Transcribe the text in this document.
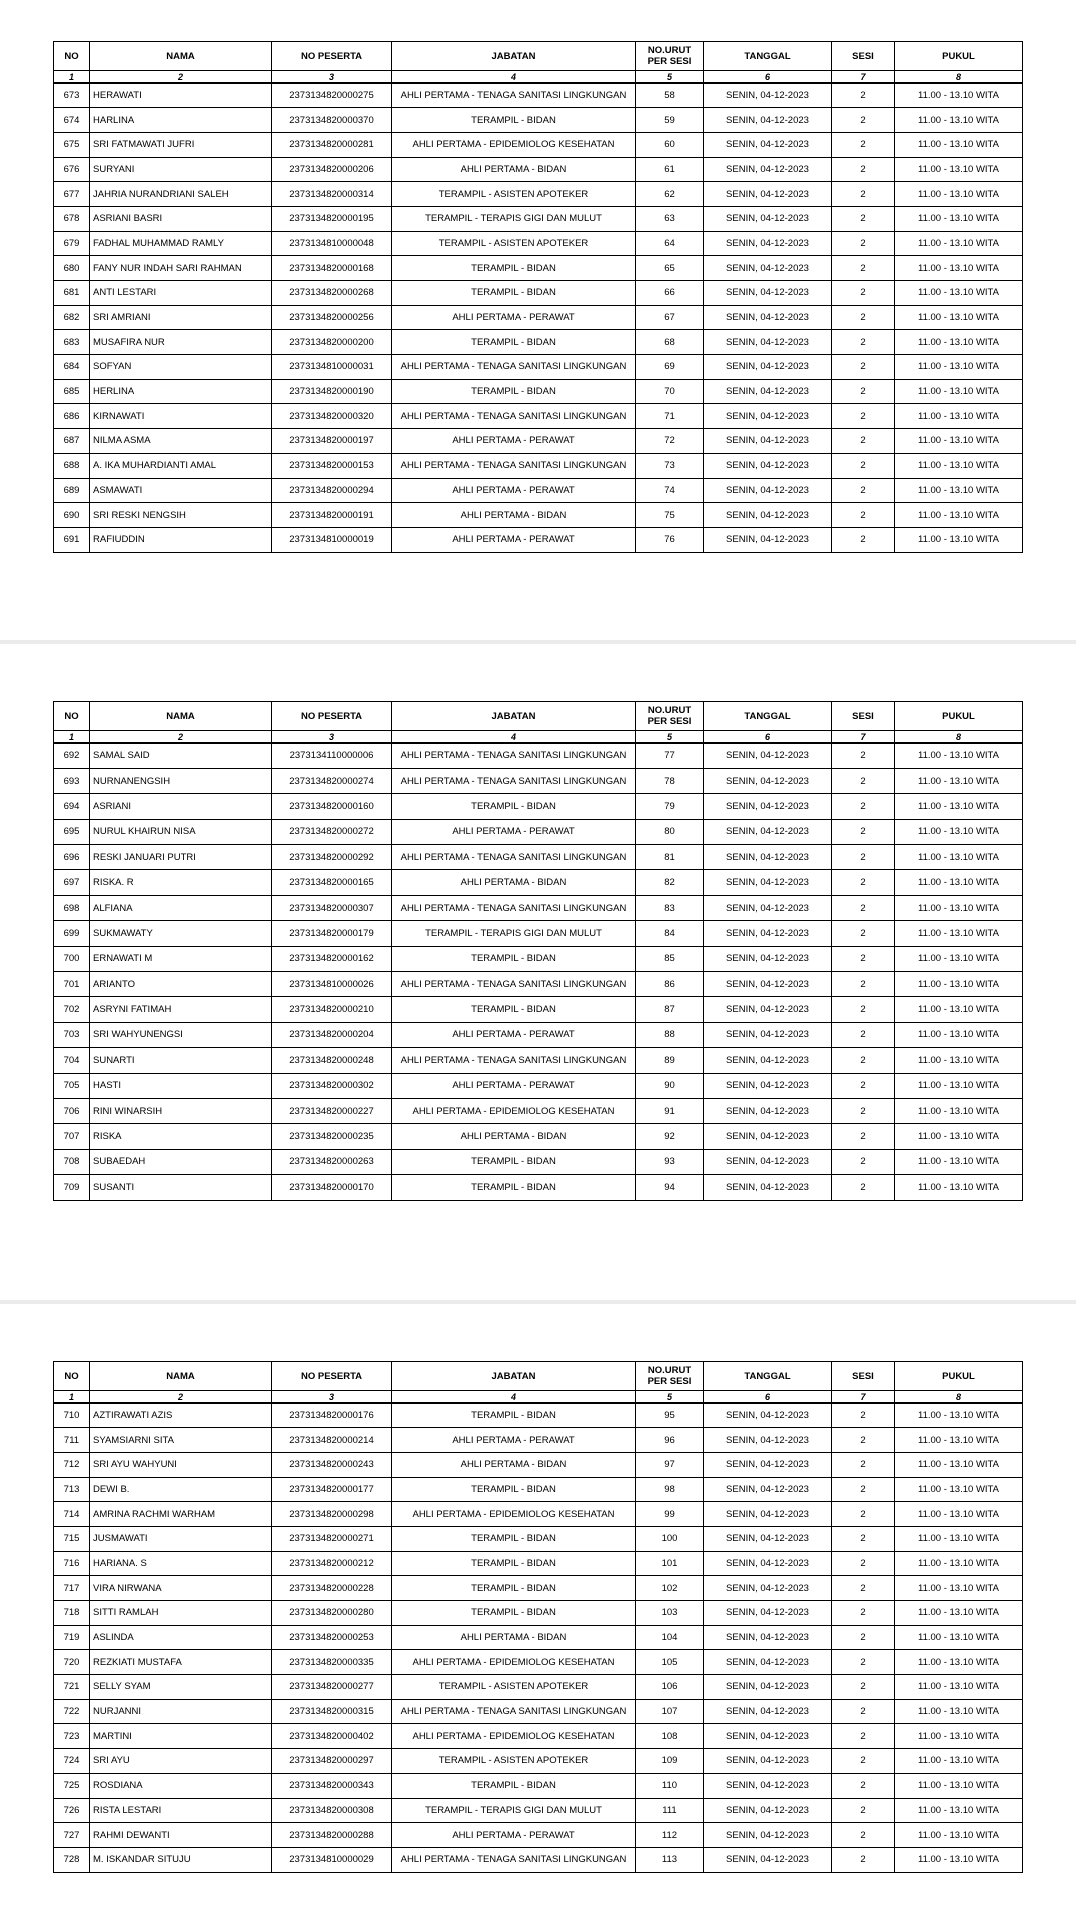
NO	NAMA	NO PESERTA	JABATAN	NO.URUT
PER SESI	TANGGAL	SESI	PUKUL
1	2	3	4	5	6	7	8
673	HERAWATI	2373134820000275	AHLI PERTAMA - TENAGA SANITASI LINGKUNGAN	58	SENIN, 04-12-2023	2	11.00 - 13.10 WITA
674	HARLINA	2373134820000370	TERAMPIL - BIDAN	59	SENIN, 04-12-2023	2	11.00 - 13.10 WITA
675	SRI FATMAWATI JUFRI	2373134820000281	AHLI PERTAMA - EPIDEMIOLOG KESEHATAN	60	SENIN, 04-12-2023	2	11.00 - 13.10 WITA
676	SURYANI	2373134820000206	AHLI PERTAMA - BIDAN	61	SENIN, 04-12-2023	2	11.00 - 13.10 WITA
677	JAHRIA NURANDRIANI SALEH	2373134820000314	TERAMPIL - ASISTEN APOTEKER	62	SENIN, 04-12-2023	2	11.00 - 13.10 WITA
678	ASRIANI BASRI	2373134820000195	TERAMPIL - TERAPIS GIGI DAN MULUT	63	SENIN, 04-12-2023	2	11.00 - 13.10 WITA
679	FADHAL MUHAMMAD RAMLY	2373134810000048	TERAMPIL - ASISTEN APOTEKER	64	SENIN, 04-12-2023	2	11.00 - 13.10 WITA
680	FANY NUR INDAH SARI RAHMAN	2373134820000168	TERAMPIL - BIDAN	65	SENIN, 04-12-2023	2	11.00 - 13.10 WITA
681	ANTI LESTARI	2373134820000268	TERAMPIL - BIDAN	66	SENIN, 04-12-2023	2	11.00 - 13.10 WITA
682	SRI AMRIANI	2373134820000256	AHLI PERTAMA - PERAWAT	67	SENIN, 04-12-2023	2	11.00 - 13.10 WITA
683	MUSAFIRA NUR	2373134820000200	TERAMPIL - BIDAN	68	SENIN, 04-12-2023	2	11.00 - 13.10 WITA
684	SOFYAN	2373134810000031	AHLI PERTAMA - TENAGA SANITASI LINGKUNGAN	69	SENIN, 04-12-2023	2	11.00 - 13.10 WITA
685	HERLINA	2373134820000190	TERAMPIL - BIDAN	70	SENIN, 04-12-2023	2	11.00 - 13.10 WITA
686	KIRNAWATI	2373134820000320	AHLI PERTAMA - TENAGA SANITASI LINGKUNGAN	71	SENIN, 04-12-2023	2	11.00 - 13.10 WITA
687	NILMA ASMA	2373134820000197	AHLI PERTAMA - PERAWAT	72	SENIN, 04-12-2023	2	11.00 - 13.10 WITA
688	A. IKA MUHARDIANTI AMAL	2373134820000153	AHLI PERTAMA - TENAGA SANITASI LINGKUNGAN	73	SENIN, 04-12-2023	2	11.00 - 13.10 WITA
689	ASMAWATI	2373134820000294	AHLI PERTAMA - PERAWAT	74	SENIN, 04-12-2023	2	11.00 - 13.10 WITA
690	SRI RESKI NENGSIH	2373134820000191	AHLI PERTAMA - BIDAN	75	SENIN, 04-12-2023	2	11.00 - 13.10 WITA
691	RAFIUDDIN	2373134810000019	AHLI PERTAMA - PERAWAT	76	SENIN, 04-12-2023	2	11.00 - 13.10 WITA
NO	NAMA	NO PESERTA	JABATAN	NO.URUT
PER SESI	TANGGAL	SESI	PUKUL
1	2	3	4	5	6	7	8
692	SAMAL SAID	2373134110000006	AHLI PERTAMA - TENAGA SANITASI LINGKUNGAN	77	SENIN, 04-12-2023	2	11.00 - 13.10 WITA
693	NURNANENGSIH	2373134820000274	AHLI PERTAMA - TENAGA SANITASI LINGKUNGAN	78	SENIN, 04-12-2023	2	11.00 - 13.10 WITA
694	ASRIANI	2373134820000160	TERAMPIL - BIDAN	79	SENIN, 04-12-2023	2	11.00 - 13.10 WITA
695	NURUL KHAIRUN NISA	2373134820000272	AHLI PERTAMA - PERAWAT	80	SENIN, 04-12-2023	2	11.00 - 13.10 WITA
696	RESKI JANUARI PUTRI	2373134820000292	AHLI PERTAMA - TENAGA SANITASI LINGKUNGAN	81	SENIN, 04-12-2023	2	11.00 - 13.10 WITA
697	RISKA. R	2373134820000165	AHLI PERTAMA - BIDAN	82	SENIN, 04-12-2023	2	11.00 - 13.10 WITA
698	ALFIANA	2373134820000307	AHLI PERTAMA - TENAGA SANITASI LINGKUNGAN	83	SENIN, 04-12-2023	2	11.00 - 13.10 WITA
699	SUKMAWATY	2373134820000179	TERAMPIL - TERAPIS GIGI DAN MULUT	84	SENIN, 04-12-2023	2	11.00 - 13.10 WITA
700	ERNAWATI M	2373134820000162	TERAMPIL - BIDAN	85	SENIN, 04-12-2023	2	11.00 - 13.10 WITA
701	ARIANTO	2373134810000026	AHLI PERTAMA - TENAGA SANITASI LINGKUNGAN	86	SENIN, 04-12-2023	2	11.00 - 13.10 WITA
702	ASRYNI FATIMAH	2373134820000210	TERAMPIL - BIDAN	87	SENIN, 04-12-2023	2	11.00 - 13.10 WITA
703	SRI WAHYUNENGSI	2373134820000204	AHLI PERTAMA - PERAWAT	88	SENIN, 04-12-2023	2	11.00 - 13.10 WITA
704	SUNARTI	2373134820000248	AHLI PERTAMA - TENAGA SANITASI LINGKUNGAN	89	SENIN, 04-12-2023	2	11.00 - 13.10 WITA
705	HASTI	2373134820000302	AHLI PERTAMA - PERAWAT	90	SENIN, 04-12-2023	2	11.00 - 13.10 WITA
706	RINI WINARSIH	2373134820000227	AHLI PERTAMA - EPIDEMIOLOG KESEHATAN	91	SENIN, 04-12-2023	2	11.00 - 13.10 WITA
707	RISKA	2373134820000235	AHLI PERTAMA - BIDAN	92	SENIN, 04-12-2023	2	11.00 - 13.10 WITA
708	SUBAEDAH	2373134820000263	TERAMPIL - BIDAN	93	SENIN, 04-12-2023	2	11.00 - 13.10 WITA
709	SUSANTI	2373134820000170	TERAMPIL - BIDAN	94	SENIN, 04-12-2023	2	11.00 - 13.10 WITA
NO	NAMA	NO PESERTA	JABATAN	NO.URUT
PER SESI	TANGGAL	SESI	PUKUL
1	2	3	4	5	6	7	8
710	AZTIRAWATI AZIS	2373134820000176	TERAMPIL - BIDAN	95	SENIN, 04-12-2023	2	11.00 - 13.10 WITA
711	SYAMSIARNI SITA	2373134820000214	AHLI PERTAMA - PERAWAT	96	SENIN, 04-12-2023	2	11.00 - 13.10 WITA
712	SRI AYU WAHYUNI	2373134820000243	AHLI PERTAMA - BIDAN	97	SENIN, 04-12-2023	2	11.00 - 13.10 WITA
713	DEWI B.	2373134820000177	TERAMPIL - BIDAN	98	SENIN, 04-12-2023	2	11.00 - 13.10 WITA
714	AMRINA RACHMI WARHAM	2373134820000298	AHLI PERTAMA - EPIDEMIOLOG KESEHATAN	99	SENIN, 04-12-2023	2	11.00 - 13.10 WITA
715	JUSMAWATI	2373134820000271	TERAMPIL - BIDAN	100	SENIN, 04-12-2023	2	11.00 - 13.10 WITA
716	HARIANA. S	2373134820000212	TERAMPIL - BIDAN	101	SENIN, 04-12-2023	2	11.00 - 13.10 WITA
717	VIRA NIRWANA	2373134820000228	TERAMPIL - BIDAN	102	SENIN, 04-12-2023	2	11.00 - 13.10 WITA
718	SITTI RAMLAH	2373134820000280	TERAMPIL - BIDAN	103	SENIN, 04-12-2023	2	11.00 - 13.10 WITA
719	ASLINDA	2373134820000253	AHLI PERTAMA - BIDAN	104	SENIN, 04-12-2023	2	11.00 - 13.10 WITA
720	REZKIATI MUSTAFA	2373134820000335	AHLI PERTAMA - EPIDEMIOLOG KESEHATAN	105	SENIN, 04-12-2023	2	11.00 - 13.10 WITA
721	SELLY SYAM	2373134820000277	TERAMPIL - ASISTEN APOTEKER	106	SENIN, 04-12-2023	2	11.00 - 13.10 WITA
722	NURJANNI	2373134820000315	AHLI PERTAMA - TENAGA SANITASI LINGKUNGAN	107	SENIN, 04-12-2023	2	11.00 - 13.10 WITA
723	MARTINI	2373134820000402	AHLI PERTAMA - EPIDEMIOLOG KESEHATAN	108	SENIN, 04-12-2023	2	11.00 - 13.10 WITA
724	SRI AYU	2373134820000297	TERAMPIL - ASISTEN APOTEKER	109	SENIN, 04-12-2023	2	11.00 - 13.10 WITA
725	ROSDIANA	2373134820000343	TERAMPIL - BIDAN	110	SENIN, 04-12-2023	2	11.00 - 13.10 WITA
726	RISTA LESTARI	2373134820000308	TERAMPIL - TERAPIS GIGI DAN MULUT	111	SENIN, 04-12-2023	2	11.00 - 13.10 WITA
727	RAHMI DEWANTI	2373134820000288	AHLI PERTAMA - PERAWAT	112	SENIN, 04-12-2023	2	11.00 - 13.10 WITA
728	M. ISKANDAR SITUJU	2373134810000029	AHLI PERTAMA - TENAGA SANITASI LINGKUNGAN	113	SENIN, 04-12-2023	2	11.00 - 13.10 WITA
